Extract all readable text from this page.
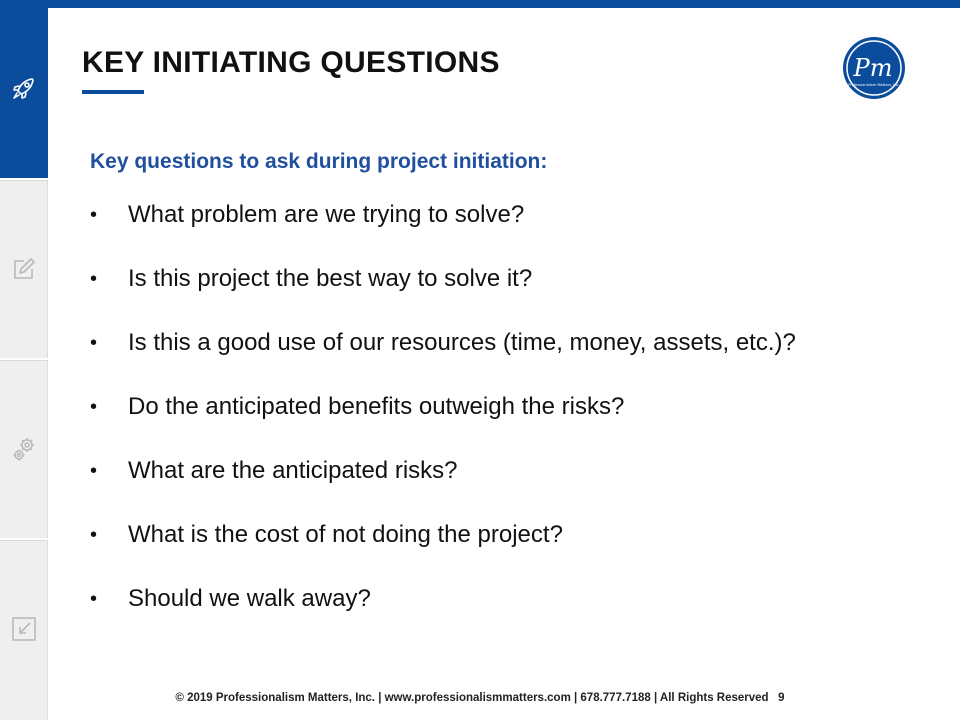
KEY INITIATING QUESTIONS	Pm
Professionalism Matters, Inc.
Key questions to ask during project initiation:
• What problem are we trying to solve?
• Is this project the best way to solve it?
• Is this a good use of our resources (time, money, assets, etc.)?
• Do the anticipated benefits outweigh the risks?
• What are the anticipated risks?
• What is the cost of not doing the project?
• Should we walk away?
© 2019 Professionalism Matters, Inc. | www.professionalismmatters.com | 678.777.7188 | All Rights Reserved 9
